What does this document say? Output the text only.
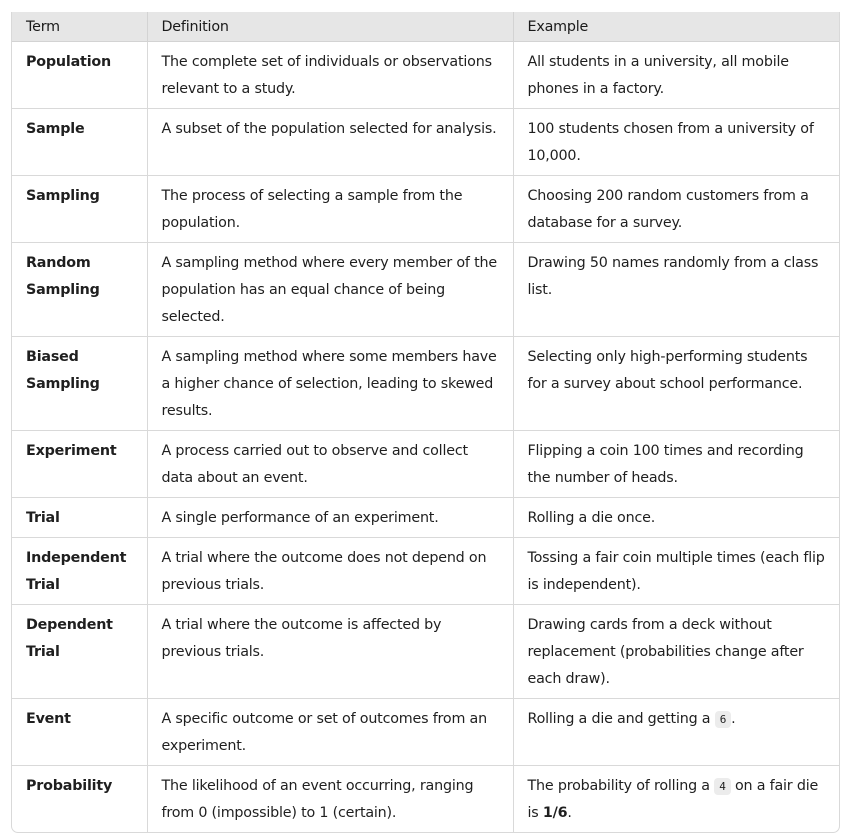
Term	Definition	Example
Population	The complete set of individuals or observations relevant to a study.	All students in a university, all mobile phones in a factory.
Sample	A subset of the population selected for analysis.	100 students chosen from a university of 10,000.
Sampling	The process of selecting a sample from the population.	Choosing 200 random customers from a database for a survey.
Random Sampling	A sampling method where every member of the population has an equal chance of being selected.	Drawing 50 names randomly from a class list.
Biased Sampling	A sampling method where some members have a higher chance of selection, leading to skewed results.	Selecting only high-performing students for a survey about school performance.
Experiment	A process carried out to observe and collect data about an event.	Flipping a coin 100 times and recording the number of heads.
Trial	A single performance of an experiment.	Rolling a die once.
Independent Trial	A trial where the outcome does not depend on previous trials.	Tossing a fair coin multiple times (each flip is independent).
Dependent Trial	A trial where the outcome is affected by previous trials.	Drawing cards from a deck without replacement (probabilities change after each draw).
Event	A specific outcome or set of outcomes from an experiment.	Rolling a die and getting a 6 .
Probability	The likelihood of an event occurring, ranging from 0 (impossible) to 1 (certain).	The probability of rolling a 4 on a fair die is 1/6.
